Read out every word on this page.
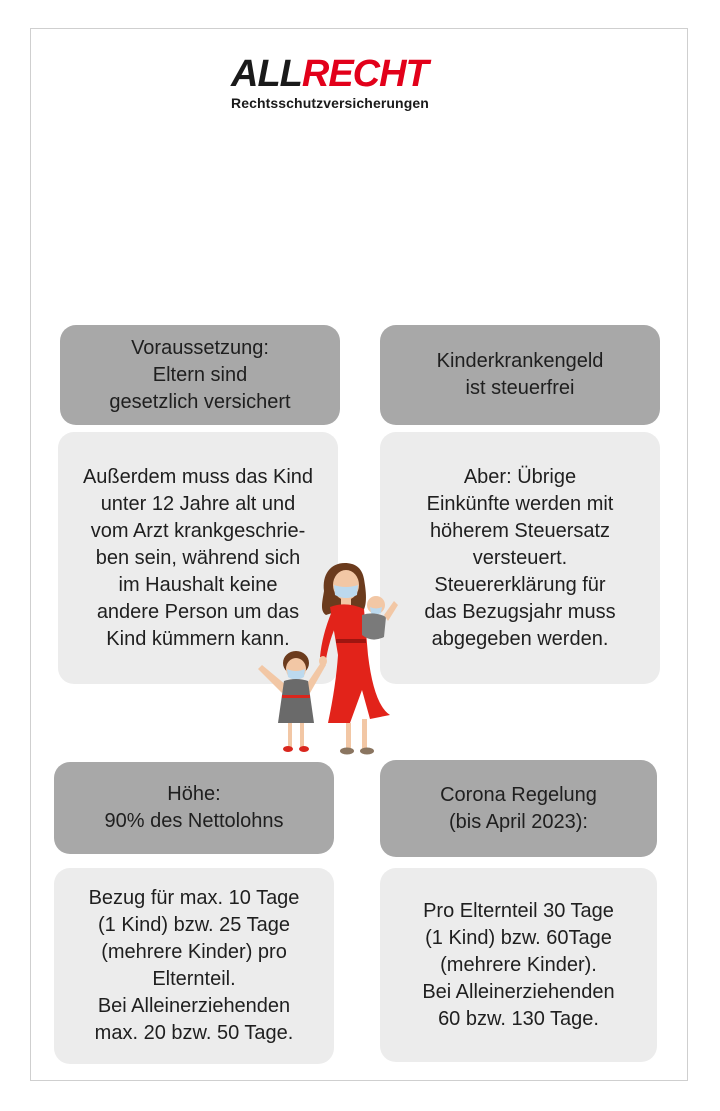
ALLRECHT
Rechtsschutzversicherungen
Voraussetzung:
Eltern sind
gesetzlich versichert
Außerdem muss das Kind
unter 12 Jahre alt und
vom Arzt krankgeschrie-
ben sein, während sich
im Haushalt keine
andere Person um das
Kind kümmern kann.
Kinderkrankengeld
ist steuerfrei
Aber: Übrige
Einkünfte werden mit
höherem Steuersatz
versteuert.
Steuererklärung für
das Bezugsjahr muss
abgegeben werden.
Höhe:
90% des Nettolohns
Bezug für max. 10 Tage
(1 Kind) bzw. 25 Tage
(mehrere Kinder) pro
Elternteil.
Bei Alleinerziehenden
max. 20 bzw. 50 Tage.
Corona Regelung
(bis April 2023):
Pro Elternteil 30 Tage
(1 Kind) bzw. 60Tage
(mehrere Kinder).
Bei Alleinerziehenden
60 bzw. 130 Tage.
